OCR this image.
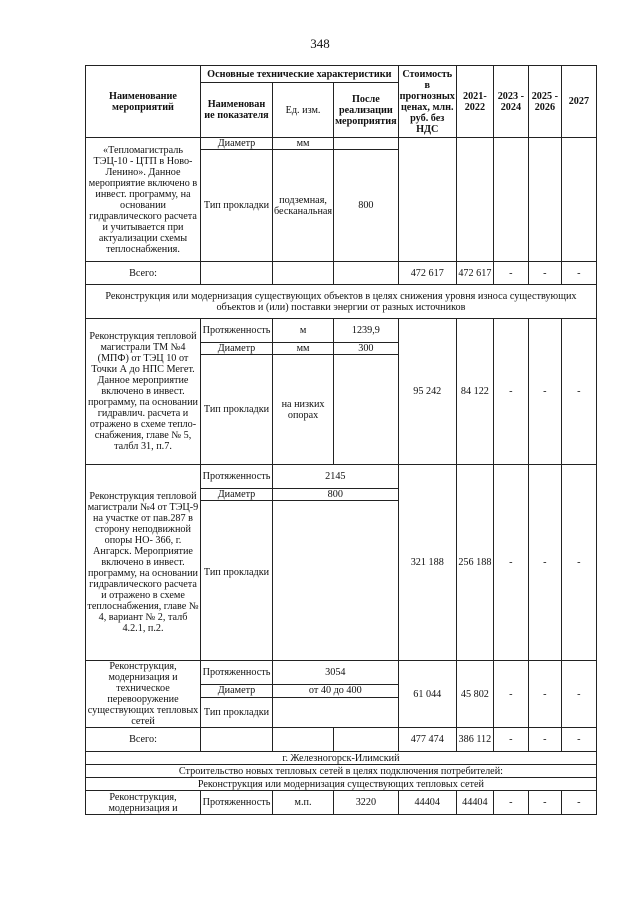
348
Наименование мероприятий	Основные технические характеристики			Стоимость в прогнозных ценах, млн. руб. без НДС	2021-2022	2023 - 2024	2025 - 2026	2027
	Наименован ие показателя	Ед. изм.	После реализации мероприятия					

«Тепломагистраль ТЭЦ-10 - ЦТП в Ново-Ленино». Данное мероприятие включено в инвест. программу, на основании гидравлического расчета и учитывается при актуализации схемы теплоснабжения.	Диаметр	мм						
	Тип прокладки	подземная, бесканальная	800					
Всего:				472 617	472 617	-	-	-
Реконструкция или модернизация существующих объектов в целях снижения уровня износа существующих объектов и (или) поставки энергии от разных источников								
Реконструкция тепловой магистрали ТМ №4 (МПФ) от ТЭЦ 10 от Точки А до НПС Мегет. Данное мероприятие включено в инвест. программу, па основании гидравлич. расчета и отражено в схеме тепло-снабжения, главе № 5, талбл 31, п.7.	Протяженность	м	1239,9	95 242	84 122	-	-	-
	Диаметр	мм	300					
	Тип прокладки	на низких опорах						
Реконструкция тепловой магистрали №4 от ТЭЦ-9 на участке от пав.287 в сторону неподвижной опоры НО- 366, г. Ангарск. Мероприятие включено в инвест. программу, на основании гидравлического расчета и отражено в схеме теплоснабжения, главе № 4, вариант № 2, талб 4.2.1, п.2.	Протяженность	2145		321 188	256 188	-	-	-
	Диаметр	800						
	Тип прокладки							
Реконструкция, модернизация и техническое перевооружение существующих тепловых сетей	Протяженность	3054		61 044	45 802	-	-	-
	Диаметр	от 40 до 400						
	Тип прокладки							
Всего:				477 474	386 112	-	-	-
г. Железногорск-Илимский								
Строительство новых тепловых сетей в целях подключения потребителей:								
Реконструкция или модернизация существующих тепловых сетей								
Реконструкция, модернизация и	Протяженность	м.п.	3220	44404	44404	-	-	-
